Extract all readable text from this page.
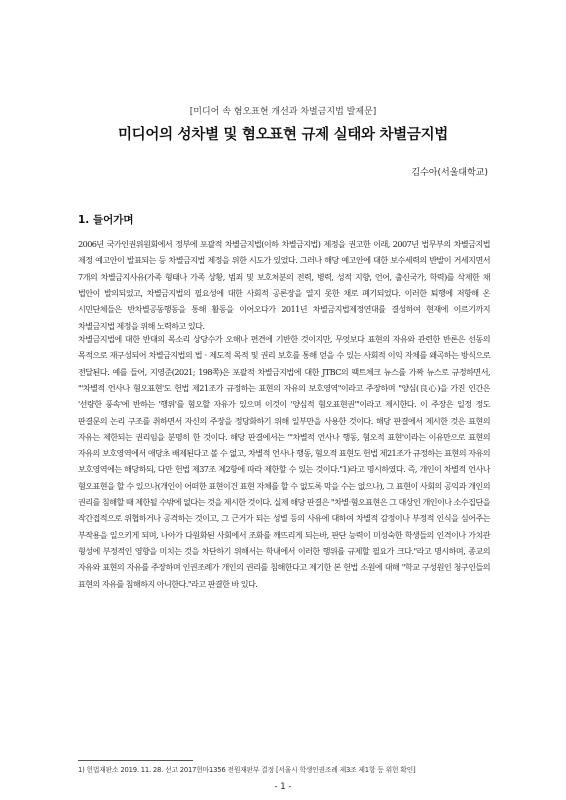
[미디어 속 혐오표현 개선과 차별금지법 발제문]
미디어의 성차별 및 혐오표현 규제 실태와 차별금지법
김수아(서울대학교)
1. 들어가며

2006년 국가인권위원회에서 정부에 포괄적 차별금지법(이하 차별금지법) 제정을 권고한 이래, 2007년 법무부의 차별금지법 제정 예고안이 발표되는 등 차별금지법 제정을 위한 시도가 있었다. 그러나 해당 예고안에 대한 보수세력의 반발이 거세지면서 7개의 차별금지사유(가족 형태나 가족 상황, 범죄 및 보호처분의 전력, 병력, 성적 지향, 언어, 출신국가, 학력)를 삭제한 채 법안이 발의되었고, 차별금지법의 필요성에 대한 사회적 공론장을 열지 못한 채로 폐기되었다. 이러한 퇴행에 저항해 온 시민단체들은 반차별공동행동을 통해 활동을 이어오다가 2011년 차별금지법제정연대를 결성하여 현재에 이르기까지 차별금지법 제정을 위해 노력하고 있다.

차별금지법에 대한 반대의 목소리 상당수가 오해나 편견에 기반한 것이지만, 무엇보다 표현의 자유와 관련한 반론은 선동의 목적으로 재구성되어 차별금지법의 법 · 제도적 목적 및 권리 보호를 통해 얻을 수 있는 사회적 이익 자체를 왜곡하는 방식으로 전달된다. 예를 들어, 지영준(2021; 198쪽)은 포괄적 차별금지법에 대한 JTBC의 팩트체크 뉴스를 가짜 뉴스로 규정하면서, "'차별적 언사나 혐오표현'도 헌법 제21조가 규정하는 표현의 자유의 보호영역"이라고 주장하며 "양심(良心)을 가진 인간은 '선량한 풍속'에 반하는 '행위'를 혐오할 자유가 있으며 이것이 '양심적 혐오표현권'"이라고 제시한다. 이 주장은 일정 정도 판결문의 논리 구조를 취하면서 자신의 주장을 정당화하기 위해 일부만을 사용한 것이다. 해당 판결에서 제시한 것은 표현의 자유는 제한되는 권리임을 분명히 한 것이다. 해당 판결에서는 "'차별적 언사나 행동, 혐오적 표현'이라는 이유만으로 표현의 자유의 보호영역에서 애당초 배제된다고 볼 수 없고, 차별적 언사나 행동, 혐오적 표현도 헌법 제21조가 규정하는 표현의 자유의 보호영역에는 해당하되, 다만 헌법 제37조 제2항에 따라 제한할 수 있는 것이다."1)라고 명시하였다. 즉, 개인이 차별적 언사나 혐오표현을 할 수 있으나(개인이 어떠한 표현이건 표현 자체를 할 수 없도록 막을 수는 없으나), 그 표현이 사회의 공익과 개인의 권리를 침해할 때 제한될 수밖에 없다는 것을 제시한 것이다. 실제 해당 판결은 "차별·혐오표현은 그 대상인 개인이나 소수집단을 작간접적으로 위협하거나 공격하는 것이고, 그 근거가 되는 성별 등의 사유에 대하여 차별적 감정이나 부정적 인식을 심어주는 부작용을 일으키게 되며, 나아가 다원화된 사회에서 조화를 깨뜨리게 되는바, 판단 능력이 미성숙한 학생들의 인격이나 가치관 형성에 부정적인 영향을 미치는 것을 차단하기 위해서는 학내에서 이러한 행위를 규제할 필요가 크다."라고 명시하며, 종교의 자유와 표현의 자유를 주장하며 인권조례가 개인의 권리를 침해한다고 제기한 본 헌법 소원에 대해 "학교 구성원인 청구인들의 표현의 자유를 침해하지 아니한다."라고 판결한 바 있다.

1) 헌법재판소 2019. 11. 28. 선고 2017헌마1356 전원재판부 결정 [서울시 학생인권조례 제3조 제1항 등 위헌 확인]
- 1 -
